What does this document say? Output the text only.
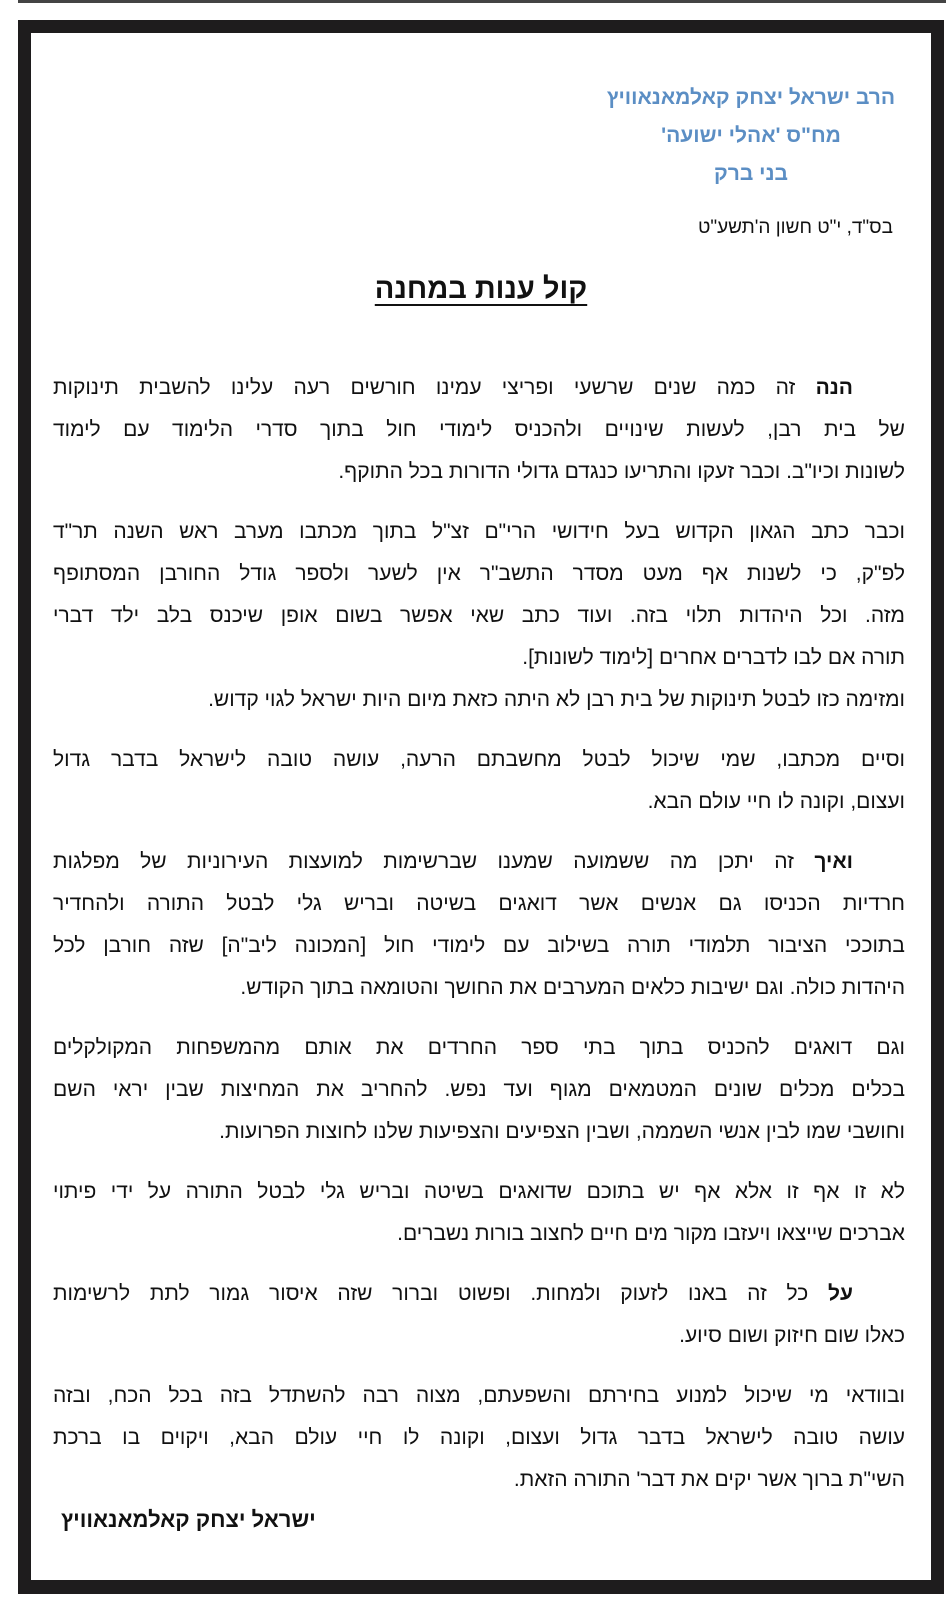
הרב ישראל יצחק קאלמאנאוויץ
מח"ס 'אהלי ישועה'
בני ברק
בס"ד, י"ט חשון ה'תשע"ט
קול ענות במחנה
הנה זה כמה שנים שרשעי ופריצי עמינו חורשים רעה עלינו להשבית תינוקות
של בית רבן, לעשות שינויים ולהכניס לימודי חול בתוך סדרי הלימוד עם לימוד
לשונות וכיו"ב. וכבר זעקו והתריעו כנגדם גדולי הדורות בכל התוקף.
וכבר כתב הגאון הקדוש בעל חידושי הרי"ם זצ"ל בתוך מכתבו מערב ראש השנה תר"ד
לפ"ק, כי לשנות אף מעט מסדר התשב"ר אין לשער ולספר גודל החורבן המסתופף
מזה. וכל היהדות תלוי בזה. ועוד כתב שאי אפשר בשום אופן שיכנס בלב ילד דברי
תורה אם לבו לדברים אחרים [לימוד לשונות].
ומזימה כזו לבטל תינוקות של בית רבן לא היתה כזאת מיום היות ישראל לגוי קדוש.
וסיים מכתבו, שמי שיכול לבטל מחשבתם הרעה, עושה טובה לישראל בדבר גדול
ועצום, וקונה לו חיי עולם הבא.
ואיך זה יתכן מה ששמועה שמענו שברשימות למועצות העירוניות של מפלגות
חרדיות הכניסו גם אנשים אשר דואגים בשיטה ובריש גלי לבטל התורה ולהחדיר
בתוככי הציבור תלמודי תורה בשילוב עם לימודי חול [המכונה ליב"ה] שזה חורבן לכל
היהדות כולה. וגם ישיבות כלאים המערבים את החושך והטומאה בתוך הקודש.
וגם דואגים להכניס בתוך בתי ספר החרדים את אותם מהמשפחות המקולקלים
בכלים מכלים שונים המטמאים מגוף ועד נפש. להחריב את המחיצות שבין יראי השם
וחושבי שמו לבין אנשי השממה, ושבין הצפיעים והצפיעות שלנו לחוצות הפרועות.
לא זו אף זו אלא אף יש בתוכם שדואגים בשיטה ובריש גלי לבטל התורה על ידי פיתוי
אברכים שייצאו ויעזבו מקור מים חיים לחצוב בורות נשברים.
על כל זה באנו לזעוק ולמחות. ופשוט וברור שזה איסור גמור לתת לרשימות
כאלו שום חיזוק ושום סיוע.
ובוודאי מי שיכול למנוע בחירתם והשפעתם, מצוה רבה להשתדל בזה בכל הכח, ובזה
עושה טובה לישראל בדבר גדול ועצום, וקונה לו חיי עולם הבא, ויקוים בו ברכת
השי"ת ברוך אשר יקים את דבר' התורה הזאת.
ישראל יצחק קאלמאנאוויץ
